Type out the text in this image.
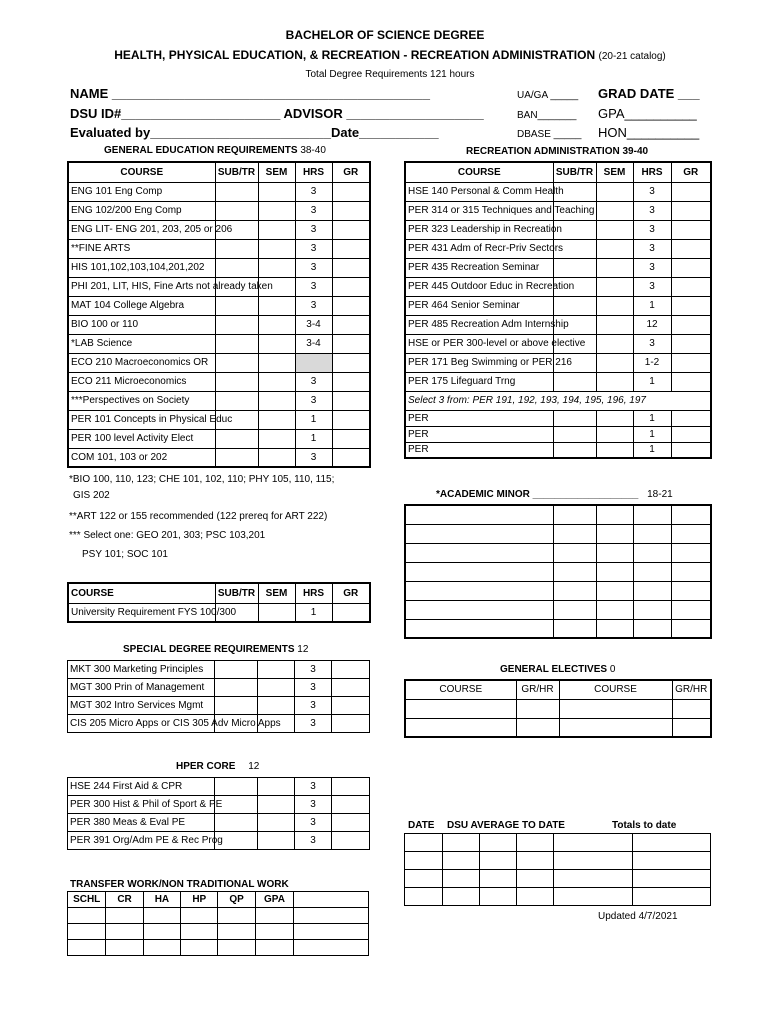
BACHELOR OF SCIENCE DEGREE
HEALTH, PHYSICAL EDUCATION, & RECREATION - RECREATION ADMINISTRATION (20-21 catalog)
Total Degree Requirements 121 hours
NAME ____________________________________________
DSU ID#______________________ ADVISOR ___________________
Evaluated by_________________________Date___________
UA/GA _____
BAN_______
DBASE _____
GRAD DATE ___
GPA__________
HON__________
GENERAL EDUCATION REQUIREMENTS 38-40
COURSE	SUB/TR	SEM	HRS	GR
ENG 101 Eng Comp			3	
ENG 102/200 Eng Comp			3	
ENG LIT- ENG 201, 203, 205 or 206			3	
**FINE ARTS			3	
HIS 101,102,103,104,201,202			3	
PHI 201, LIT, HIS, Fine Arts not already taken			3	
MAT 104 College Algebra			3	
BIO 100 or 110			3-4	
*LAB Science			3-4	
ECO 210 Macroeconomics OR				
ECO 211 Microeconomics			3	
***Perspectives on Society			3	
PER 101 Concepts in Physical Educ			1	
PER 100 level Activity Elect			1	
COM 101, 103 or 202			3	
*BIO 100, 110, 123; CHE 101, 102, 110; PHY 105, 110, 115;
GIS 202
**ART 122 or 155 recommended (122 prereq for ART 222)
*** Select one: GEO 201, 303; PSC 103,201
PSY 101; SOC 101
COURSE	SUB/TR	SEM	HRS	GR
University Requirement FYS 100/300			1	
SPECIAL DEGREE REQUIREMENTS 12
MKT 300 Marketing Principles			3	
MGT 300 Prin of Management			3	
MGT 302 Intro Services Mgmt			3	
CIS 205 Micro Apps or CIS 305 Adv Micro Apps			3	
HPER CORE 12
HSE 244 First Aid & CPR			3	
PER 300 Hist & Phil of Sport & PE			3	
PER 380 Meas & Eval PE			3	
PER 391 Org/Adm PE & Rec Prog			3	
TRANSFER WORK/NON TRADITIONAL WORK
SCHL	CR	HA	HP	QP	GPA	

RECREATION ADMINISTRATION 39-40
COURSE	SUB/TR	SEM	HRS	GR
HSE 140 Personal & Comm Health			3	
PER 314 or 315 Techniques and Teaching			3	
PER 323 Leadership in Recreation			3	
PER 431 Adm of Recr-Priv Sectors			3	
PER 435 Recreation Seminar			3	
PER 445 Outdoor Educ in Recreation			3	
PER 464 Senior Seminar			1	
PER 485 Recreation Adm Internship			12	
HSE or PER 300-level or above elective			3	
PER 171 Beg Swimming or PER 216			1-2	
PER 175 Lifeguard Trng			1	
Select 3 from: PER 191, 192, 193, 194, 195, 196, 197				
PER			1	
PER			1	
PER			1	
*ACADEMIC MINOR ___________________ 18-21

GENERAL ELECTIVES 0
COURSE	GR/HR	COURSE	GR/HR

DATE DSU AVERAGE TO DATE	Totals to date

Updated 4/7/2021
